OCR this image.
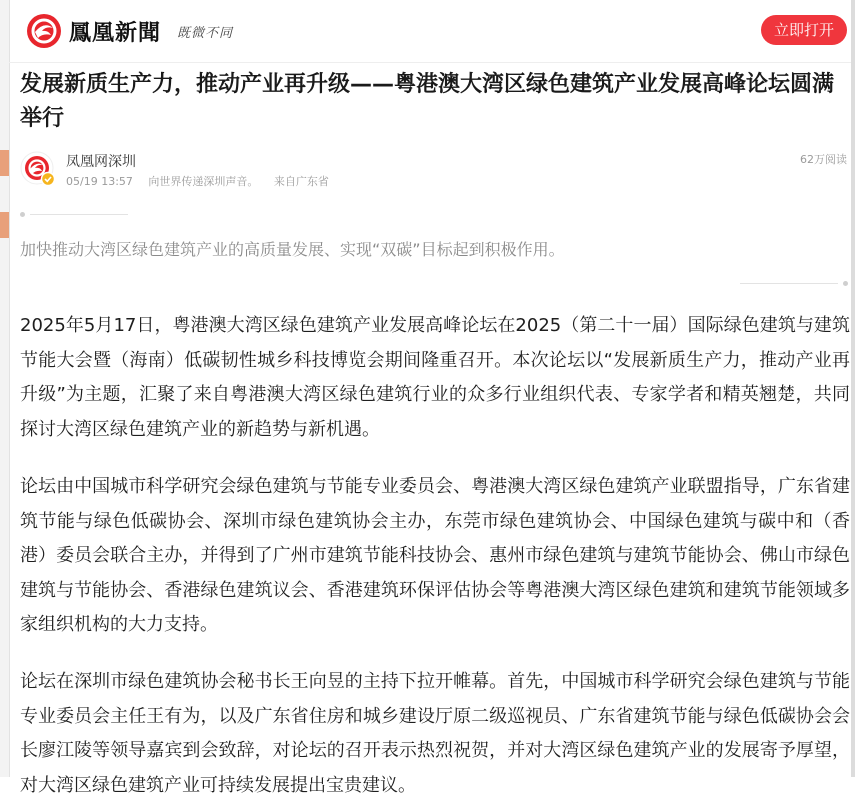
鳳凰新聞 既微不同	立即打开
发展新质生产力，推动产业再升级——粤港澳大湾区绿色建筑产业发展高峰论坛圆满举行
凤凰网深圳
05/19 13:57 向世界传递深圳声音。 来自广东省
62万阅读
加快推动大湾区绿色建筑产业的高质量发展、实现“双碳”目标起到积极作用。
2025年5月17日，粤港澳大湾区绿色建筑产业发展高峰论坛在2025（第二十一届）国际绿色建筑与建筑节能大会暨（海南）低碳韧性城乡科技博览会期间隆重召开。本次论坛以“发展新质生产力，推动产业再升级”为主题，汇聚了来自粤港澳大湾区绿色建筑行业的众多行业组织代表、专家学者和精英翘楚，共同探讨大湾区绿色建筑产业的新趋势与新机遇。
论坛由中国城市科学研究会绿色建筑与节能专业委员会、粤港澳大湾区绿色建筑产业联盟指导，广东省建筑节能与绿色低碳协会、深圳市绿色建筑协会主办，东莞市绿色建筑协会、中国绿色建筑与碳中和（香港）委员会联合主办，并得到了广州市建筑节能科技协会、惠州市绿色建筑与建筑节能协会、佛山市绿色建筑与节能协会、香港绿色建筑议会、香港建筑环保评估协会等粤港澳大湾区绿色建筑和建筑节能领域多家组织机构的大力支持。
论坛在深圳市绿色建筑协会秘书长王向昱的主持下拉开帷幕。首先，中国城市科学研究会绿色建筑与节能专业委员会主任王有为，以及广东省住房和城乡建设厅原二级巡视员、广东省建筑节能与绿色低碳协会会长廖江陵等领导嘉宾到会致辞，对论坛的召开表示热烈祝贺，并对大湾区绿色建筑产业的发展寄予厚望，对大湾区绿色建筑产业可持续发展提出宝贵建议。
